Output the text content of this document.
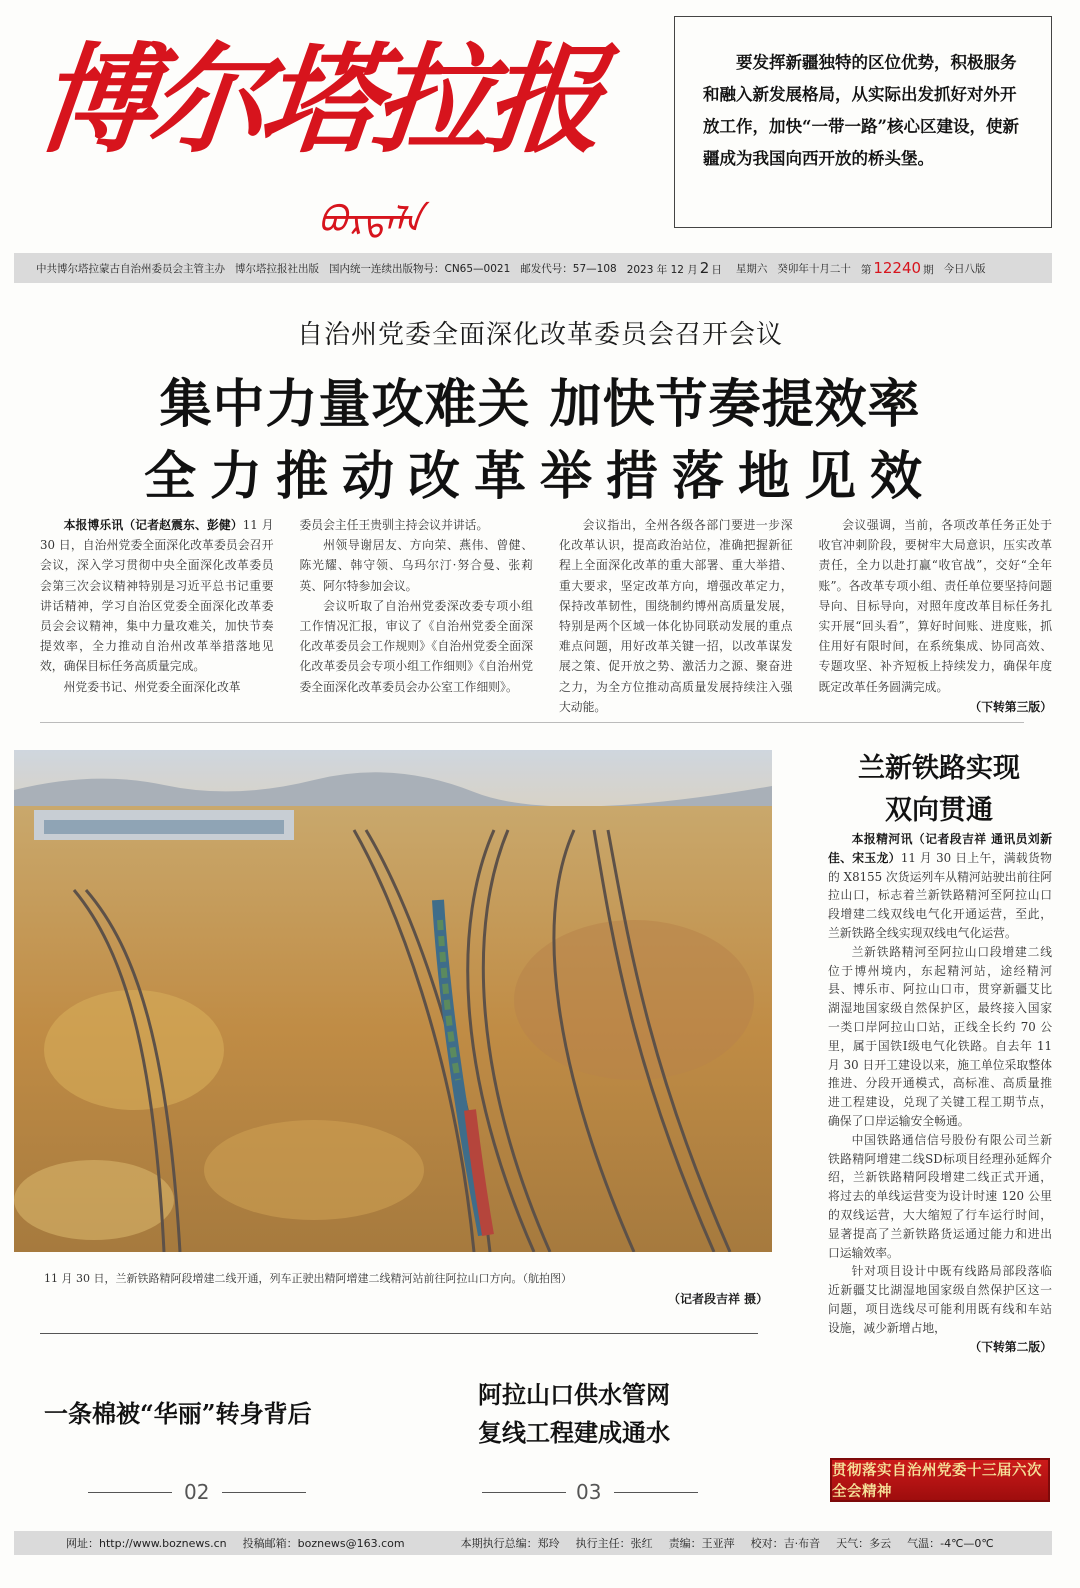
博尔塔拉报
ᠪᠣᠷᠲᠠᠯᠠ

要发挥新疆独特的区位优势，积极服务和融入新发展格局，从实际出发抓好对外开放工作，加快“一带一路”核心区建设，使新疆成为我国向西开放的桥头堡。

中共博尔塔拉蒙古自治州委员会主管主办 博尔塔拉报社出版 国内统一连续出版物号：CN65—0021 邮发代号：57—108 2023 年 12 月 2 日 星期六 癸卯年十月二十 第 12240 期 今日八版
自治州党委全面深化改革委员会召开会议
集中力量攻难关 加快节奏提效率
全力推动改革举措落地见效
本报博乐讯（记者赵震东、彭健）11 月 30 日，自治州党委全面深化改革委员会召开会议，深入学习贯彻中央全面深化改革委员会第三次会议精神特别是习近平总书记重要讲话精神，学习自治区党委全面深化改革委员会会议精神，集中力量攻难关，加快节奏提效率，全力推动自治州改革举措落地见效，确保目标任务高质量完成。
州党委书记、州党委全面深化改革
委员会主任王贵驯主持会议并讲话。
州领导谢居友、方向荣、燕伟、曾健、陈光耀、韩守领、乌玛尔汀·努合曼、张莉英、阿尔特参加会议。
会议听取了自治州党委深改委专项小组工作情况汇报，审议了《自治州党委全面深化改革委员会工作规则》《自治州党委全面深化改革委员会专项小组工作细则》《自治州党委全面深化改革委员会办公室工作细则》。
会议指出，全州各级各部门要进一步深化改革认识，提高政治站位，准确把握新征程上全面深化改革的重大部署、重大举措、重大要求，坚定改革方向，增强改革定力，保持改革韧性，围绕制约博州高质量发展，特别是两个区域一体化协同联动发展的重点难点问题，用好改革关键一招，以改革谋发展之策、促开放之势、激活力之源、聚奋进之力，为全方位推动高质量发展持续注入强大动能。
会议强调，当前，各项改革任务正处于收官冲刺阶段，要树牢大局意识，压实改革责任，全力以赴打赢“收官战”，交好“全年账”。各改革专项小组、责任单位要坚持问题导向、目标导向，对照年度改革目标任务扎实开展“回头看”，算好时间账、进度账，抓住用好有限时间，在系统集成、协同高效、专题攻坚、补齐短板上持续发力，确保年度既定改革任务圆满完成。
（下转第三版）
11 月 30 日，兰新铁路精阿段增建二线开通，列车正驶出精阿增建二线精河站前往阿拉山口方向。（航拍图）
（记者段吉祥 摄）
兰新铁路实现
双向贯通

本报精河讯（记者段吉祥 通讯员刘新佳、宋玉龙）11 月 30 日上午，满载货物的 X8155 次货运列车从精河站驶出前往阿拉山口，标志着兰新铁路精河至阿拉山口段增建二线双线电气化开通运营，至此，兰新铁路全线实现双线电气化运营。

兰新铁路精河至阿拉山口段增建二线位于博州境内，东起精河站，途经精河县、博乐市、阿拉山口市，贯穿新疆艾比湖湿地国家级自然保护区，最终接入国家一类口岸阿拉山口站，正线全长约 70 公里，属于国铁Ⅰ级电气化铁路。自去年 11 月 30 日开工建设以来，施工单位采取整体推进、分段开通模式，高标准、高质量推进工程建设，兑现了关键工程工期节点，确保了口岸运输安全畅通。

中国铁路通信信号股份有限公司兰新铁路精阿增建二线SD标项目经理孙延辉介绍，兰新铁路精阿段增建二线正式开通，将过去的单线运营变为设计时速 120 公里的双线运营，大大缩短了行车运行时间，显著提高了兰新铁路货运通过能力和进出口运输效率。

针对项目设计中既有线路局部段落临近新疆艾比湖湿地国家级自然保护区这一问题，项目选线尽可能利用既有线和车站设施，减少新增占地，

（下转第二版）
贯彻落实自治州党委十三届六次全会精神
一条棉被“华丽”转身背后
02
阿拉山口供水管网
复线工程建成通水
03
网址：http://www.boznews.cn 投稿邮箱：boznews@163.com	本期执行总编：郑玲 执行主任：张红 责编：王亚萍 校对：吉·布音 天气：多云 气温：-4℃—0℃
